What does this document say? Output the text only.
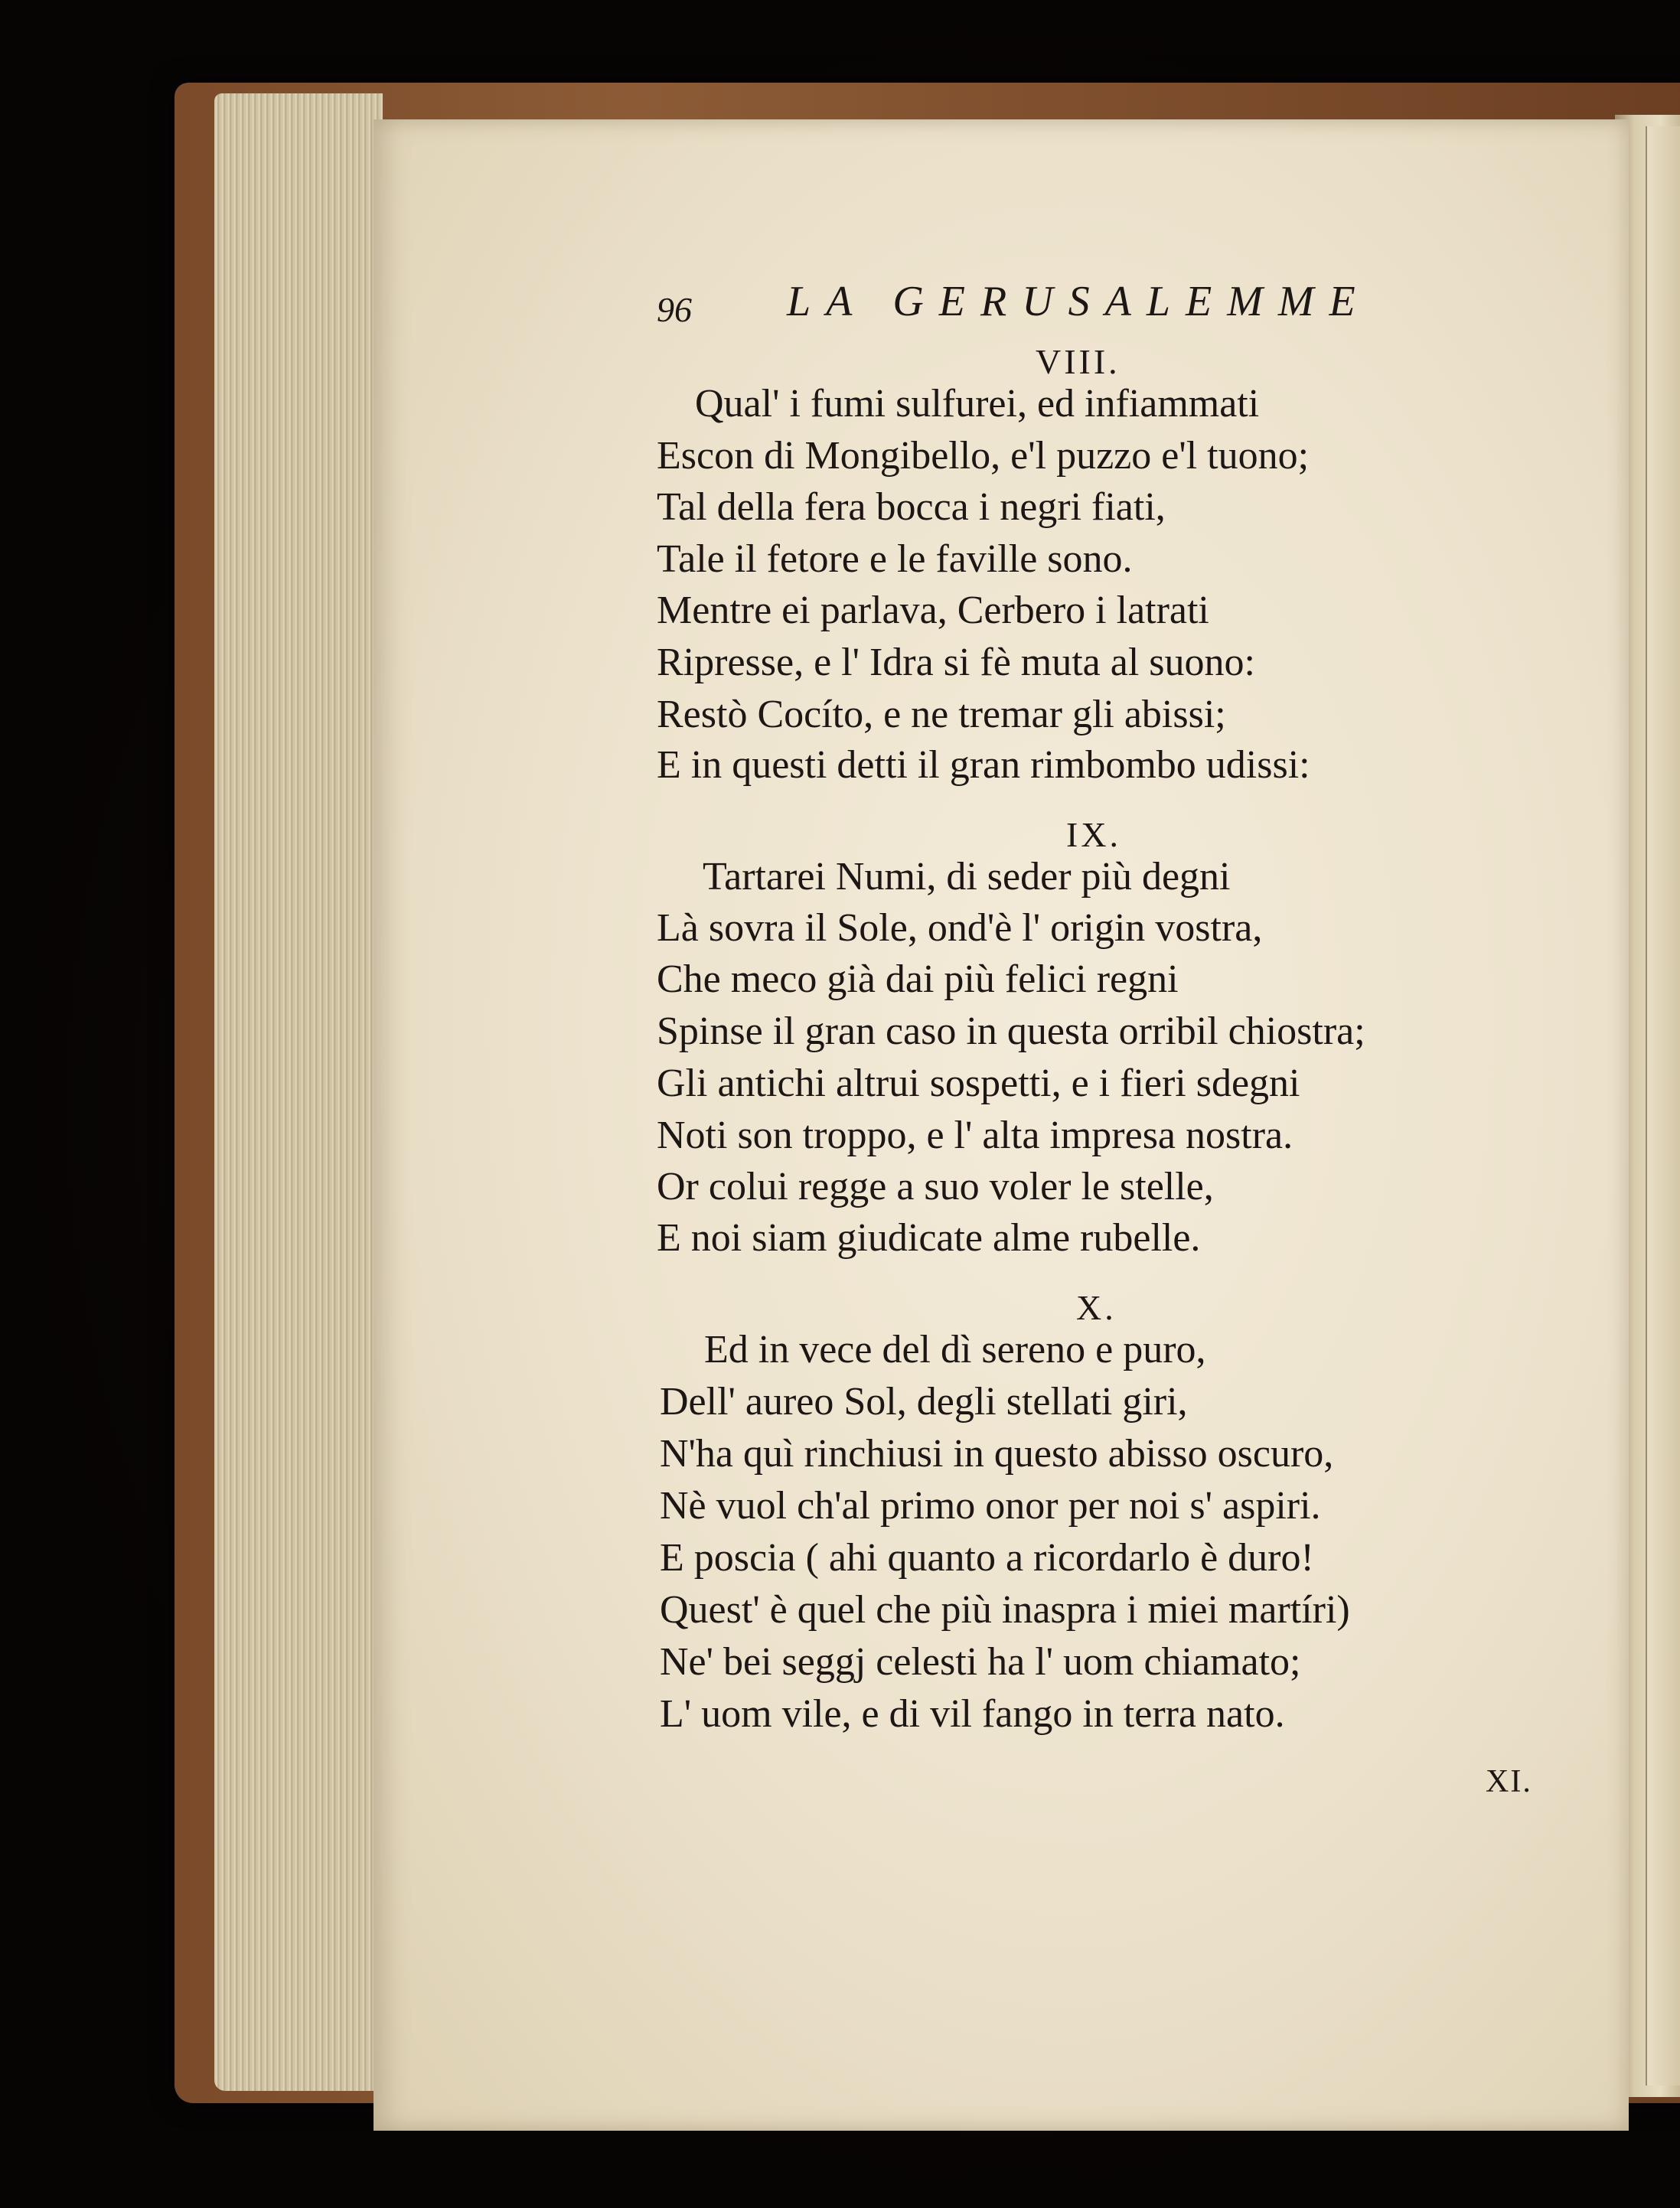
96 LA GERUSALEMME
VIII.
Qual' i fumi sulfurei, ed infiammati
Escon di Mongibello, e'l puzzo e'l tuono;
Tal della fera bocca i negri fiati,
Tale il fetore e le faville sono.
Mentre ei parlava, Cerbero i latrati
Ripresse, e l' Idra si fè muta al suono:
Restò Cocíto, e ne tremar gli abissi;
E in questi detti il gran rimbombo udissi:
IX.
Tartarei Numi, di seder più degni
Là sovra il Sole, ond'è l' origin vostra,
Che meco già dai più felici regni
Spinse il gran caso in questa orribil chiostra;
Gli antichi altrui sospetti, e i fieri sdegni
Noti son troppo, e l' alta impresa nostra.
Or colui regge a suo voler le stelle,
E noi siam giudicate alme rubelle.
X.
Ed in vece del dì sereno e puro,
Dell' aureo Sol, degli stellati giri,
N'ha quì rinchiusi in questo abisso oscuro,
Nè vuol ch'al primo onor per noi s' aspiri.
E poscia ( ahi quanto a ricordarlo è duro!
Quest' è quel che più inaspra i miei martíri)
Ne' bei seggj celesti ha l' uom chiamato;
L' uom vile, e di vil fango in terra nato.
XI.
